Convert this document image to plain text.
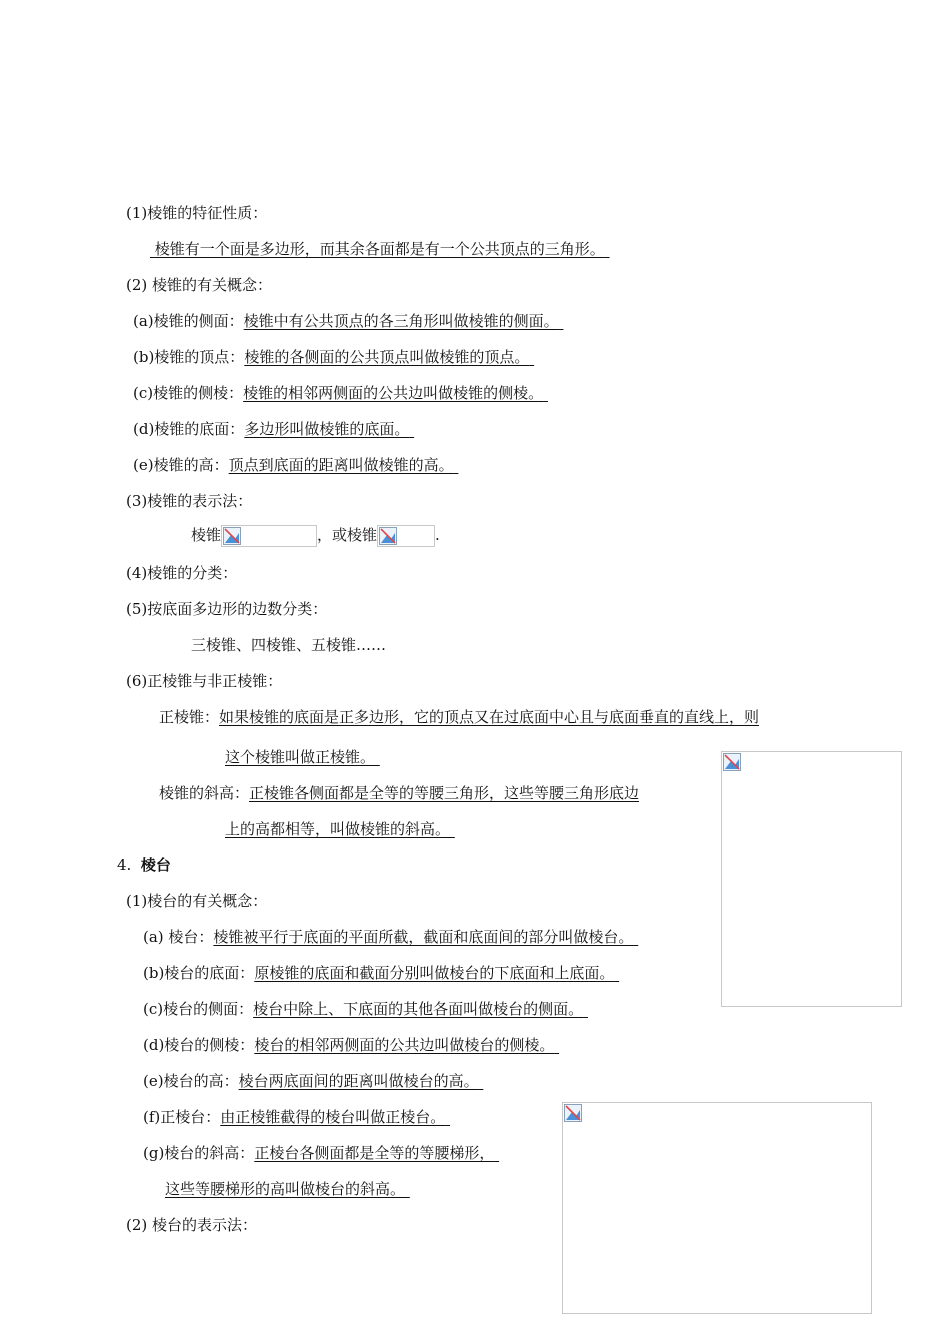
(1)棱锥的特征性质：
棱锥有一个面是多边形，而其余各面都是有一个公共顶点的三角形。
(2) 棱锥的有关概念：
(a)棱锥的侧面：棱锥中有公共顶点的各三角形叫做棱锥的侧面。
(b)棱锥的顶点：棱锥的各侧面的公共顶点叫做棱锥的顶点。
(c)棱锥的侧棱：棱锥的相邻两侧面的公共边叫做棱锥的侧棱。
(d)棱锥的底面：多边形叫做棱锥的底面。
(e)棱锥的高：顶点到底面的距离叫做棱锥的高。
(3)棱锥的表示法：
棱锥	，或棱锥	.
(4)棱锥的分类：
(5)按底面多边形的边数分类：
三棱锥、四棱锥、五棱锥……
(6)正棱锥与非正棱锥：
正棱锥：如果棱锥的底面是正多边形，它的顶点又在过底面中心且与底面垂直的直线上，则
这个棱锥叫做正棱锥。
棱锥的斜高：正棱锥各侧面都是全等的等腰三角形，这些等腰三角形底边
上的高都相等，叫做棱锥的斜高。
4. 棱台
(1)棱台的有关概念：
(a) 棱台：棱锥被平行于底面的平面所截，截面和底面间的部分叫做棱台。
(b)棱台的底面：原棱锥的底面和截面分别叫做棱台的下底面和上底面。
(c)棱台的侧面：棱台中除上、下底面的其他各面叫做棱台的侧面。
(d)棱台的侧棱：棱台的相邻两侧面的公共边叫做棱台的侧棱。
(e)棱台的高：棱台两底面间的距离叫做棱台的高。
(f)正棱台：由正棱锥截得的棱台叫做正棱台。
(g)棱台的斜高：正棱台各侧面都是全等的等腰梯形，
这些等腰梯形的高叫做棱台的斜高。
(2) 棱台的表示法：
